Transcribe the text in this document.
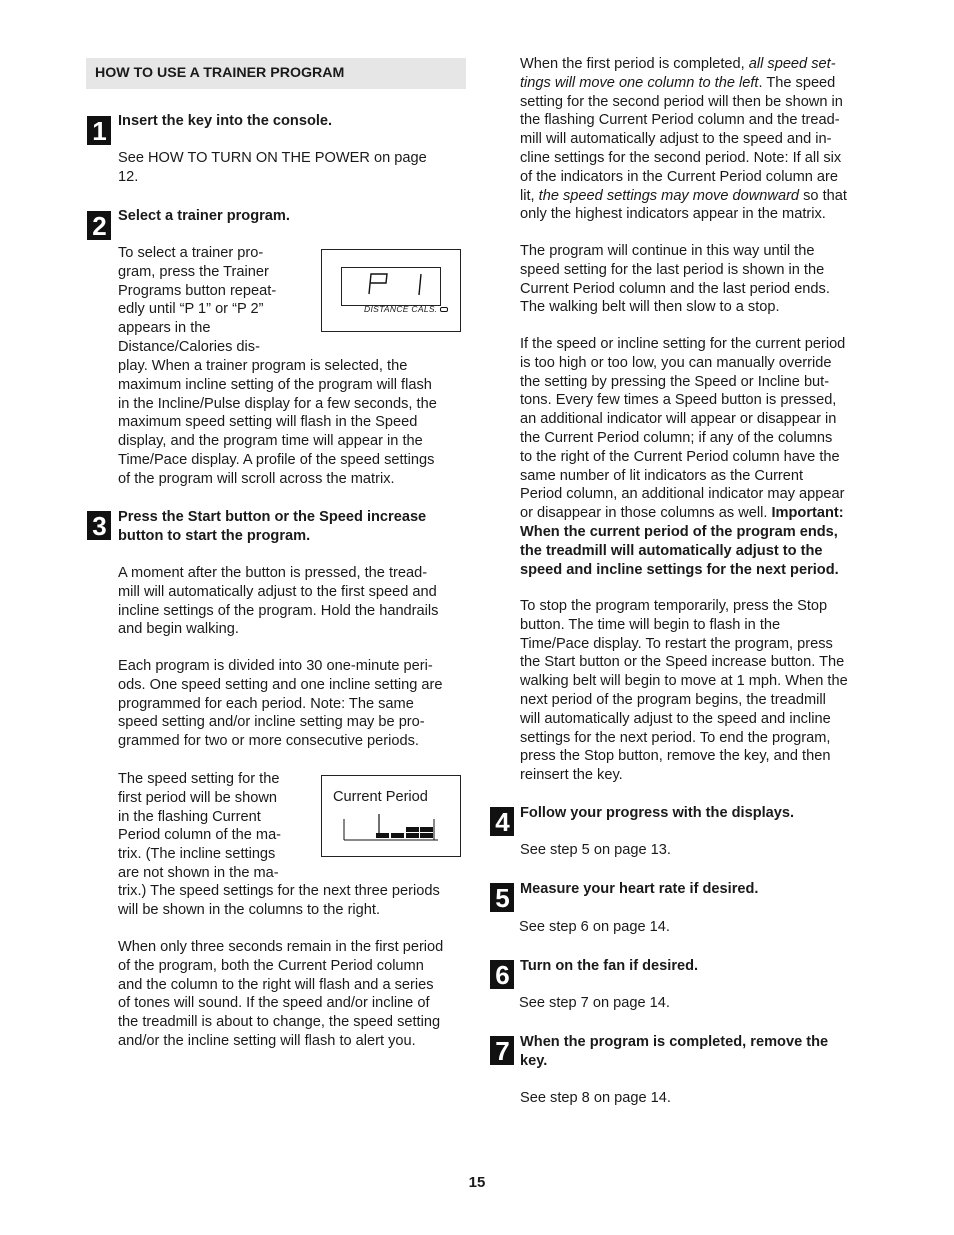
HOW TO USE A TRAINER PROGRAM
1 Insert the key into the console.
See HOW TO TURN ON THE POWER on page
12.
2 Select a trainer program.
To select a trainer pro-
gram, press the Trainer
Programs button repeat-
edly until “P 1” or “P 2”
appears in the
Distance/Calories dis-
play. When a trainer program is selected, the
maximum incline setting of the program will flash
in the Incline/Pulse display for a few seconds, the
maximum speed setting will flash in the Speed
display, and the program time will appear in the
Time/Pace display. A profile of the speed settings
of the program will scroll across the matrix.
DISTANCE CALS.
3 Press the Start button or the Speed increase
button to start the program.
A moment after the button is pressed, the tread-
mill will automatically adjust to the first speed and
incline settings of the program. Hold the handrails
and begin walking.
Each program is divided into 30 one-minute peri-
ods. One speed setting and one incline setting are
programmed for each period. Note: The same
speed setting and/or incline setting may be pro-
grammed for two or more consecutive periods.
The speed setting for the
first period will be shown
in the flashing Current
Period column of the ma-
trix. (The incline settings
are not shown in the ma-
trix.) The speed settings for the next three periods
will be shown in the columns to the right.
When only three seconds remain in the first period
of the program, both the Current Period column
and the column to the right will flash and a series
of tones will sound. If the speed and/or incline of
the treadmill is about to change, the speed setting
and/or the incline setting will flash to alert you.
Current Period
When the first period is completed, all speed set-
tings will move one column to the left. The speed
setting for the second period will then be shown in
the flashing Current Period column and the tread-
mill will automatically adjust to the speed and in-
cline settings for the second period. Note: If all six
of the indicators in the Current Period column are
lit, the speed settings may move downward so that
only the highest indicators appear in the matrix.
The program will continue in this way until the
speed setting for the last period is shown in the
Current Period column and the last period ends.
The walking belt will then slow to a stop.
If the speed or incline setting for the current period
is too high or too low, you can manually override
the setting by pressing the Speed or Incline but-
tons. Every few times a Speed button is pressed,
an additional indicator will appear or disappear in
the Current Period column; if any of the columns
to the right of the Current Period column have the
same number of lit indicators as the Current
Period column, an additional indicator may appear
or disappear in those columns as well. Important:
When the current period of the program ends,
the treadmill will automatically adjust to the
speed and incline settings for the next period.
To stop the program temporarily, press the Stop
button. The time will begin to flash in the
Time/Pace display. To restart the program, press
the Start button or the Speed increase button. The
walking belt will begin to move at 1 mph. When the
next period of the program begins, the treadmill
will automatically adjust to the speed and incline
settings for the next period. To end the program,
press the Stop button, remove the key, and then
reinsert the key.
4 Follow your progress with the displays.
See step 5 on page 13.
5 Measure your heart rate if desired.
See step 6 on page 14.
6 Turn on the fan if desired.
See step 7 on page 14.
7 When the program is completed, remove the
key.
See step 8 on page 14.
15
